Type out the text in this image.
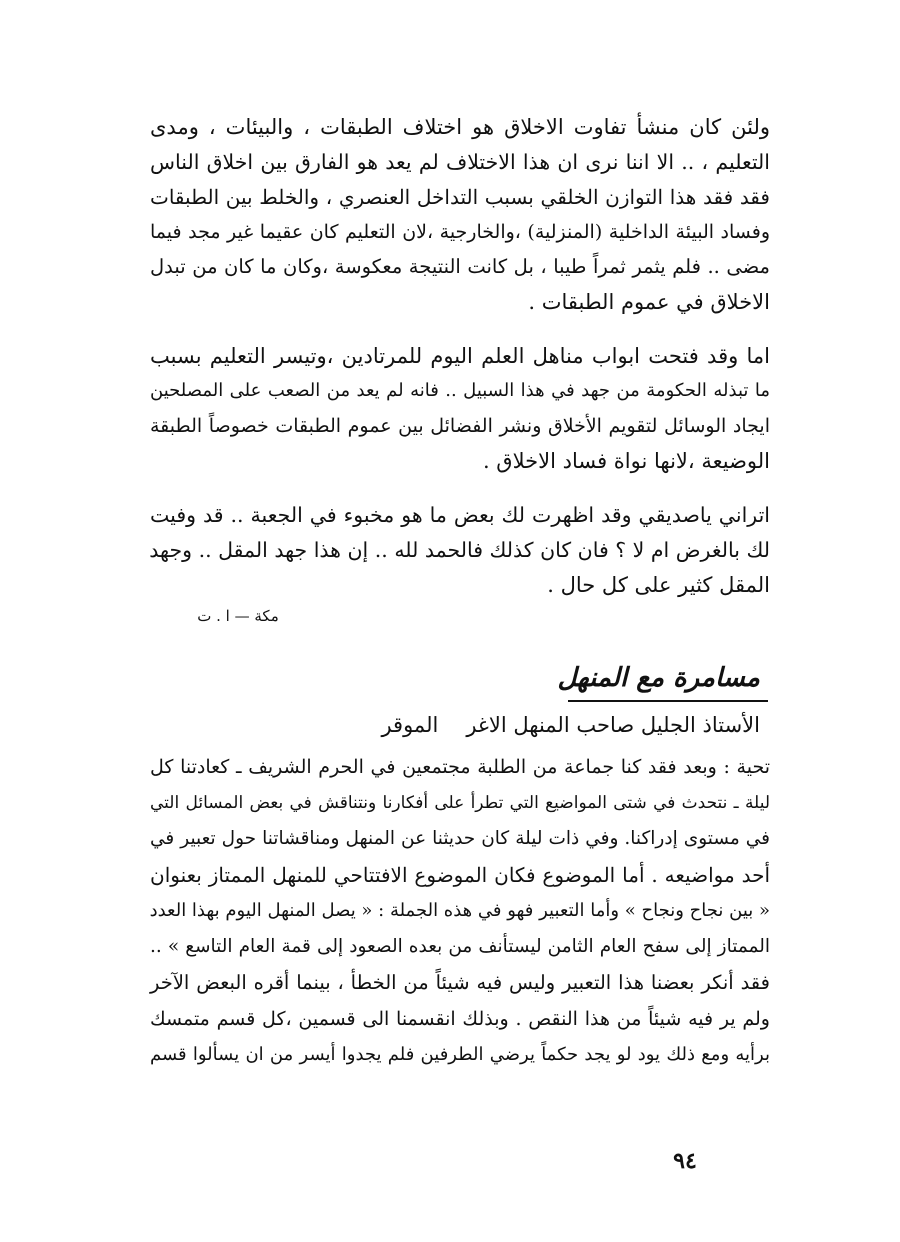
ولئن كان منشأ تفاوت الاخلاق هو اختلاف الطبقات ، والبيئات ، ومدى
التعليم ، .. الا اننا نرى ان هذا الاختلاف لم يعد هو الفارق بين اخلاق الناس
فقد فقد هذا التوازن الخلقي بسبب التداخل العنصري ، والخلط بين الطبقات
وفساد البيئة الداخلية (المنزلية) ،والخارجية ،لان التعليم كان عقيما غير مجد فيما
مضى .. فلم يثمر ثمراً طيبا ، بل كانت النتيجة معكوسة ،وكان ما كان من تبدل
الاخلاق في عموم الطبقات .
اما وقد فتحت ابواب مناهل العلم اليوم للمرتادين ،وتيسر التعليم بسبب
ما تبذله الحكومة من جهد في هذا السبيل .. فانه لم يعد من الصعب على المصلحين
ايجاد الوسائل لتقويم الأخلاق ونشر الفضائل بين عموم الطبقات خصوصاً الطبقة
الوضيعة ،لانها نواة فساد الاخلاق .
اتراني ياصديقي وقد اظهرت لك بعض ما هو مخبوء في الجعبة .. قد وفيت
لك بالغرض ام لا ؟ فان كان كذلك فالحمد لله .. إن هذا جهد المقل .. وجهد
المقل كثير على كل حال .
مكة — ا . ت
مسامرة مع المنهل
الأستاذ الجليل صاحب المنهل الاغرالموقر
تحية : وبعد فقد كنا جماعة من الطلبة مجتمعين في الحرم الشريف ـ كعادتنا كل
ليلة ـ نتحدث في شتى المواضيع التي تطرأ على أفكارنا ونتناقش في بعض المسائل التي
في مستوى إدراكنا. وفي ذات ليلة كان حديثنا عن المنهل ومناقشاتنا حول تعبير في
أحد مواضيعه . أما الموضوع فكان الموضوع الافتتاحي للمنهل الممتاز بعنوان
« بين نجاح ونجاح » وأما التعبير فهو في هذه الجملة : « يصل المنهل اليوم بهذا العدد
الممتاز إلى سفح العام الثامن ليستأنف من بعده الصعود إلى قمة العام التاسع » ..
فقد أنكر بعضنا هذا التعبير وليس فيه شيئاً من الخطأ ، بينما أقره البعض الآخر
ولم ير فيه شيئاً من هذا النقص . وبذلك انقسمنا الى قسمين ،كل قسم متمسك
برأيه ومع ذلك يود لو يجد حكماً يرضي الطرفين فلم يجدوا أيسر من ان يسألوا قسم
٩٤
